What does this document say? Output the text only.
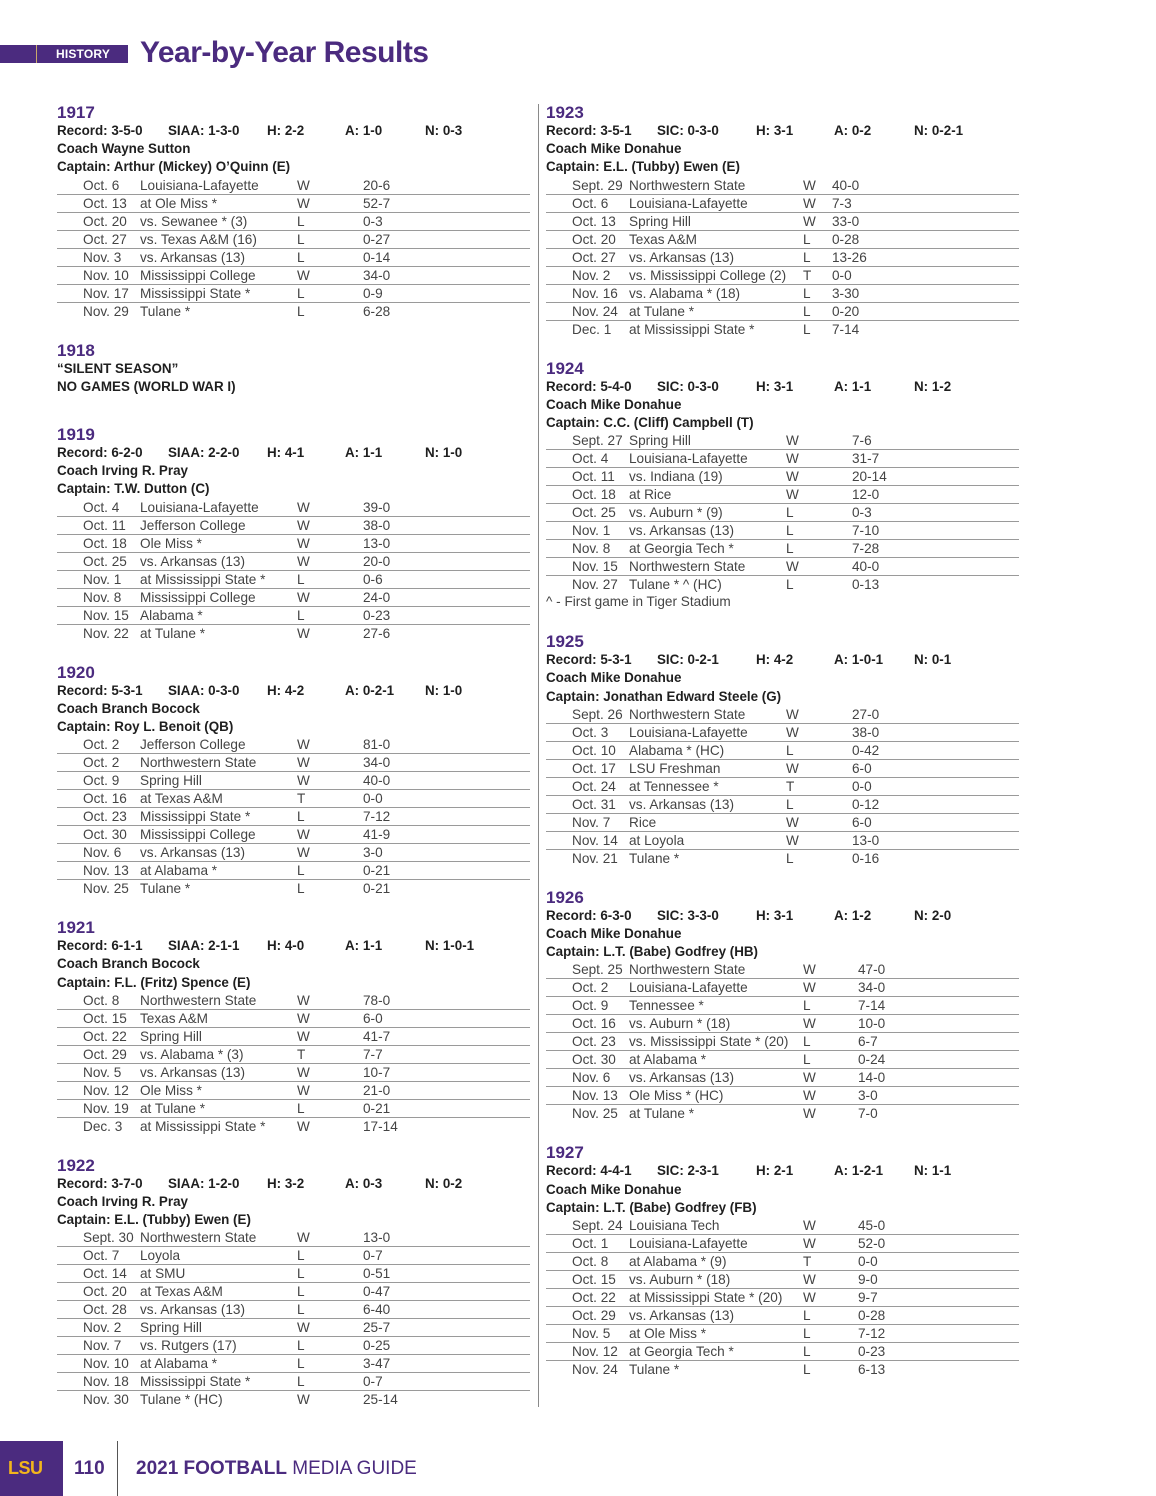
HISTORY Year-by-Year Results
1917
Record: 3-5-0 SIAA: 1-3-0 H: 2-2	A: 1-0	N: 0-3
Coach Wayne Sutton
Captain: Arthur (Mickey) O’Quinn (E)
Oct. 6	Louisiana-Lafayette	W	20-6
Oct. 13	at Ole Miss *	W	52-7
Oct. 20	vs. Sewanee * (3)	L	0-3
Oct. 27	vs. Texas A&M (16)	L	0-27
Nov. 3	vs. Arkansas (13)	L	0-14
Nov. 10	Mississippi College	W	34-0
Nov. 17	Mississippi State *	L	0-9
Nov. 29	Tulane *	L	6-28
1918
“SILENT SEASON”
NO GAMES (WORLD WAR I)
1919
Record: 6-2-0 SIAA: 2-2-0 H: 4-1	A: 1-1	N: 1-0
Coach Irving R. Pray
Captain: T.W. Dutton (C)
Oct. 4	Louisiana-Lafayette	W	39-0
Oct. 11	Jefferson College	W	38-0
Oct. 18	Ole Miss *	W	13-0
Oct. 25	vs. Arkansas (13)	W	20-0
Nov. 1	at Mississippi State *	L	0-6
Nov. 8	Mississippi College	W	24-0
Nov. 15	Alabama *	L	0-23
Nov. 22	at Tulane *	W	27-6
1920
Record: 5-3-1 SIAA: 0-3-0 H: 4-2	A: 0-2-1 N: 1-0
Coach Branch Bocock
Captain: Roy L. Benoit (QB)
Oct. 2	Jefferson College	W	81-0
Oct. 2	Northwestern State	W	34-0
Oct. 9	Spring Hill	W	40-0
Oct. 16	at Texas A&M	T	0-0
Oct. 23	Mississippi State *	L	7-12
Oct. 30	Mississippi College	W	41-9
Nov. 6	vs. Arkansas (13)	W	3-0
Nov. 13	at Alabama *	L	0-21
Nov. 25	Tulane *	L	0-21
1921
Record: 6-1-1 SIAA: 2-1-1 H: 4-0	A: 1-1	N: 1-0-1
Coach Branch Bocock
Captain: F.L. (Fritz) Spence (E)
Oct. 8	Northwestern State	W	78-0
Oct. 15	Texas A&M	W	6-0
Oct. 22	Spring Hill	W	41-7
Oct. 29	vs. Alabama * (3)	T	7-7
Nov. 5	vs. Arkansas (13)	W	10-7
Nov. 12	Ole Miss *	W	21-0
Nov. 19	at Tulane *	L	0-21
Dec. 3	at Mississippi State *	W	17-14
1922
Record: 3-7-0 SIAA: 1-2-0 H: 3-2	A: 0-3	N: 0-2
Coach Irving R. Pray
Captain: E.L. (Tubby) Ewen (E)
Sept. 30	Northwestern State	W	13-0
Oct. 7	Loyola	L	0-7
Oct. 14	at SMU	L	0-51
Oct. 20	at Texas A&M	L	0-47
Oct. 28	vs. Arkansas (13)	L	6-40
Nov. 2	Spring Hill	W	25-7
Nov. 7	vs. Rutgers (17)	L	0-25
Nov. 10	at Alabama *	L	3-47
Nov. 18	Mississippi State *	L	0-7
Nov. 30	Tulane * (HC)	W	25-14
1923
Record: 3-5-1 SIC: 0-3-0	H: 3-1	A: 0-2	N: 0-2-1
Coach Mike Donahue
Captain: E.L. (Tubby) Ewen (E)
Sept. 29	Northwestern State	W	40-0
Oct. 6	Louisiana-Lafayette	W	7-3
Oct. 13	Spring Hill	W	33-0
Oct. 20	Texas A&M	L	0-28
Oct. 27	vs. Arkansas (13)	L	13-26
Nov. 2	vs. Mississippi College (2)	T	0-0
Nov. 16	vs. Alabama * (18)	L	3-30
Nov. 24	at Tulane *	L	0-20
Dec. 1	at Mississippi State *	L	7-14
1924
Record: 5-4-0 SIC: 0-3-0	H: 3-1	A: 1-1	N: 1-2
Coach Mike Donahue
Captain: C.C. (Cliff) Campbell (T)
Sept. 27	Spring Hill	W	7-6
Oct. 4	Louisiana-Lafayette	W	31-7
Oct. 11	vs. Indiana (19)	W	20-14
Oct. 18	at Rice	W	12-0
Oct. 25	vs. Auburn * (9)	L	0-3
Nov. 1	vs. Arkansas (13)	L	7-10
Nov. 8	at Georgia Tech *	L	7-28
Nov. 15	Northwestern State	W	40-0
Nov. 27	Tulane * ^ (HC)	L	0-13
^ - First game in Tiger Stadium
1925
Record: 5-3-1 SIC: 0-2-1	H: 4-2	A: 1-0-1 N: 0-1
Coach Mike Donahue
Captain: Jonathan Edward Steele (G)
Sept. 26	Northwestern State	W	27-0
Oct. 3	Louisiana-Lafayette	W	38-0
Oct. 10	Alabama * (HC)	L	0-42
Oct. 17	LSU Freshman	W	6-0
Oct. 24	at Tennessee *	T	0-0
Oct. 31	vs. Arkansas (13)	L	0-12
Nov. 7	Rice	W	6-0
Nov. 14	at Loyola	W	13-0
Nov. 21	Tulane *	L	0-16
1926
Record: 6-3-0 SIC: 3-3-0	H: 3-1	A: 1-2	N: 2-0
Coach Mike Donahue
Captain: L.T. (Babe) Godfrey (HB)
Sept. 25	Northwestern State	W	47-0
Oct. 2	Louisiana-Lafayette	W	34-0
Oct. 9	Tennessee *	L	7-14
Oct. 16	vs. Auburn * (18)	W	10-0
Oct. 23	vs. Mississippi State * (20)	L	6-7
Oct. 30	at Alabama *	L	0-24
Nov. 6	vs. Arkansas (13)	W	14-0
Nov. 13	Ole Miss * (HC)	W	3-0
Nov. 25	at Tulane *	W	7-0
1927
Record: 4-4-1 SIC: 2-3-1	H: 2-1	A: 1-2-1 N: 1-1
Coach Mike Donahue
Captain: L.T. (Babe) Godfrey (FB)
Sept. 24	Louisiana Tech	W	45-0
Oct. 1	Louisiana-Lafayette	W	52-0
Oct. 8	at Alabama * (9)	T	0-0
Oct. 15	vs. Auburn * (18)	W	9-0
Oct. 22	at Mississippi State * (20)	W	9-7
Oct. 29	vs. Arkansas (13)	L	0-28
Nov. 5	at Ole Miss *	L	7-12
Nov. 12	at Georgia Tech *	L	0-23
Nov. 24	Tulane *	L	6-13
LSU 110 2021 FOOTBALL MEDIA GUIDE
